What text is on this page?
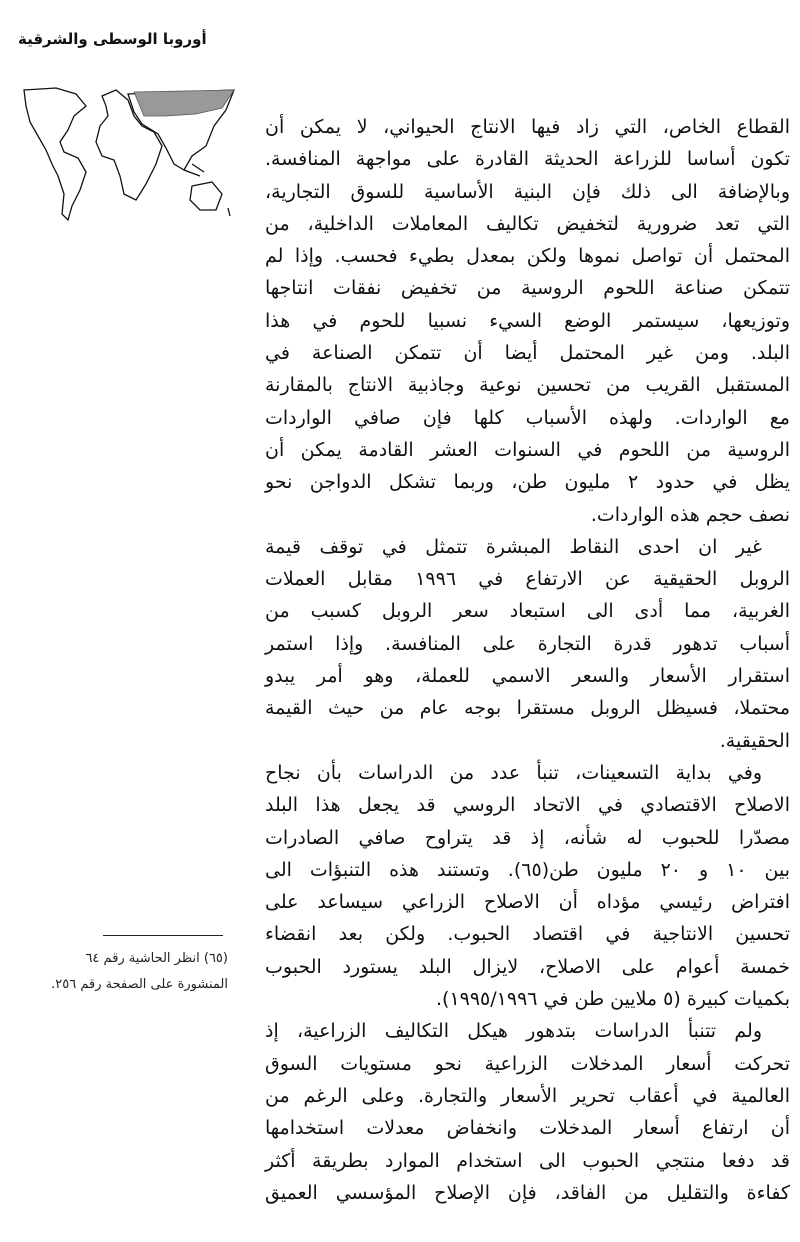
أوروبا الوسطى والشرقية
القطاع الخاص، التي زاد فيها الانتاج الحيواني، لا يمكن أن
تكون أساسا للزراعة الحديثة القادرة على مواجهة المنافسة.
وبالإضافة الى ذلك فإن البنية الأساسية للسوق التجارية،
التي تعد ضرورية لتخفيض تكاليف المعاملات الداخلية، من
المحتمل أن تواصل نموها ولكن بمعدل بطيء فحسب. وإذا لم
تتمكن صناعة اللحوم الروسية من تخفيض نفقات انتاجها
وتوزيعها، سيستمر الوضع السيء نسبيا للحوم في هذا
البلد. ومن غير المحتمل أيضا أن تتمكن الصناعة في
المستقبل القريب من تحسين نوعية وجاذبية الانتاج بالمقارنة
مع الواردات. ولهذه الأسباب كلها فإن صافي الواردات
الروسية من اللحوم في السنوات العشر القادمة يمكن أن
يظل في حدود ٢ مليون طن، وربما تشكل الدواجن نحو
نصف حجم هذه الواردات.
غير ان احدى النقاط المبشرة تتمثل في توقف قيمة
الروبل الحقيقية عن الارتفاع في ١٩٩٦ مقابل العملات
الغربية، مما أدى الى استبعاد سعر الروبل كسبب من
أسباب تدهور قدرة التجارة على المنافسة. وإذا استمر
استقرار الأسعار والسعر الاسمي للعملة، وهو أمر يبدو
محتملا، فسيظل الروبل مستقرا بوجه عام من حيث القيمة
الحقيقية.
وفي بداية التسعينات، تنبأ عدد من الدراسات بأن نجاح
الاصلاح الاقتصادي في الاتحاد الروسي قد يجعل هذا البلد
مصدّرا للحبوب له شأنه، إذ قد يتراوح صافي الصادرات
بين ١٠ و ٢٠ مليون طن(٦٥). وتستند هذه التنبؤات الى
افتراض رئيسي مؤداه أن الاصلاح الزراعي سيساعد على
تحسين الانتاجية في اقتصاد الحبوب. ولكن بعد انقضاء
خمسة أعوام على الاصلاح، لايزال البلد يستورد الحبوب
بكميات كبيرة (٥ ملايين طن في ١٩٩٥/١٩٩٦).
ولم تتنبأ الدراسات بتدهور هيكل التكاليف الزراعية، إذ
تحركت أسعار المدخلات الزراعية نحو مستويات السوق
العالمية في أعقاب تحرير الأسعار والتجارة. وعلى الرغم من
أن ارتفاع أسعار المدخلات وانخفاض معدلات استخدامها
قد دفعا منتجي الحبوب الى استخدام الموارد بطريقة أكثر
كفاءة والتقليل من الفاقد، فإن الإصلاح المؤسسي العميق
(٦٥) انظر الحاشية رقم ٦٤
المنشورة على الصفحة رقم ٢٥٦.
